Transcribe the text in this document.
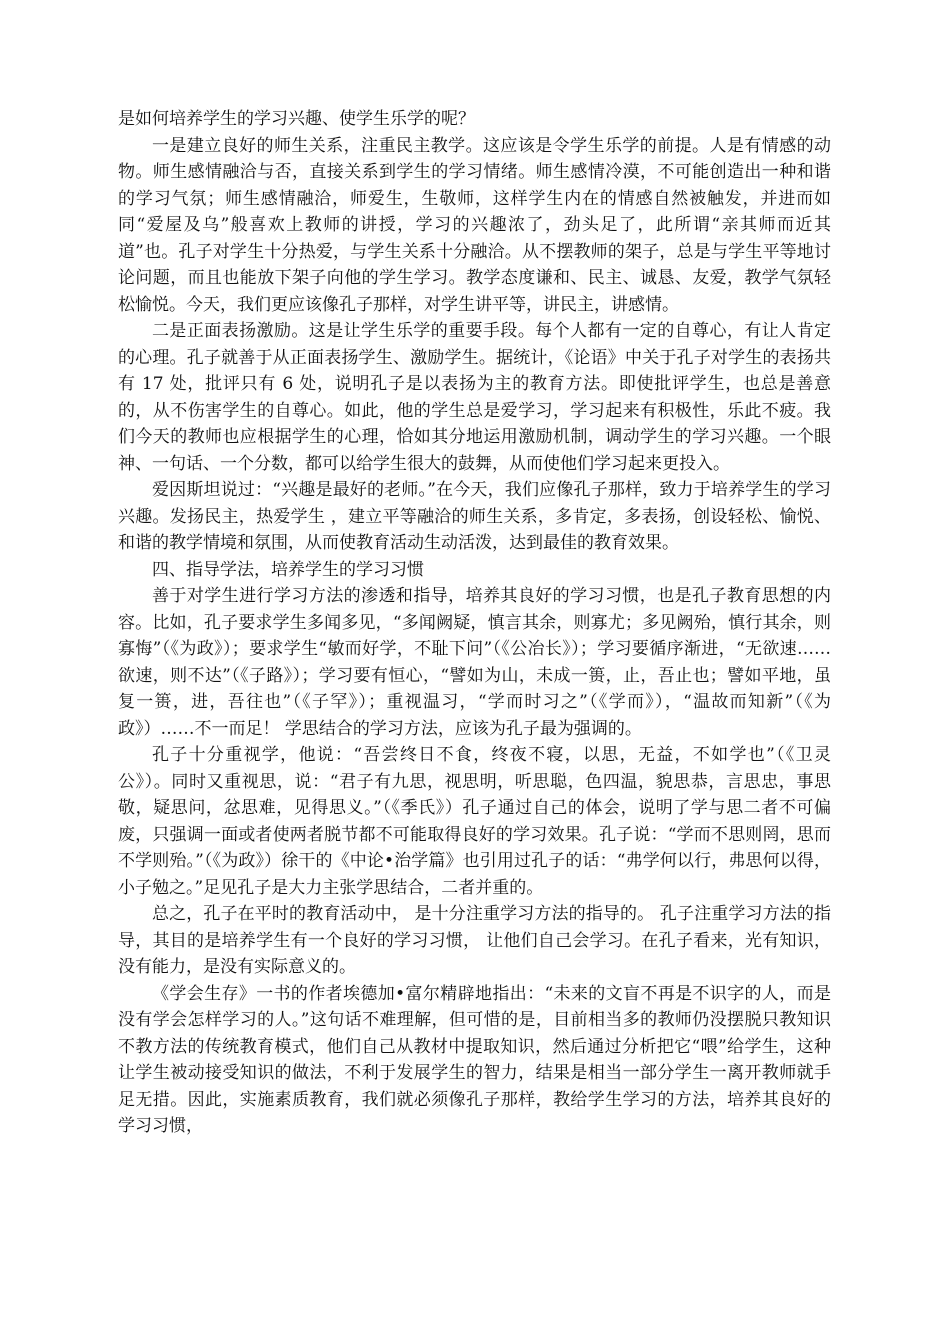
是如何培养学生的学习兴趣、使学生乐学的呢？

一是建立良好的师生关系，注重民主教学。这应该是令学生乐学的前提。人是有情感的动物。师生感情融洽与否，直接关系到学生的学习情绪。师生感情冷漠，不可能创造出一种和谐的学习气氛；师生感情融洽，师爱生，生敬师，这样学生内在的情感自然被触发，并进而如同“爱屋及乌”般喜欢上教师的讲授，学习的兴趣浓了，劲头足了，此所谓“亲其师而近其道”也。孔子对学生十分热爱，与学生关系十分融洽。从不摆教师的架子，总是与学生平等地讨论问题，而且也能放下架子向他的学生学习。教学态度谦和、民主、诚恳、友爱，教学气氛轻松愉悦。今天，我们更应该像孔子那样，对学生讲平等，讲民主，讲感情。

二是正面表扬激励。这是让学生乐学的重要手段。每个人都有一定的自尊心，有让人肯定的心理。孔子就善于从正面表扬学生、激励学生。据统计，《论语》中关于孔子对学生的表扬共有 17 处，批评只有 6 处，说明孔子是以表扬为主的教育方法。即使批评学生，也总是善意的，从不伤害学生的自尊心。如此，他的学生总是爱学习，学习起来有积极性，乐此不疲。我们今天的教师也应根据学生的心理，恰如其分地运用激励机制，调动学生的学习兴趣。一个眼神、一句话、一个分数，都可以给学生很大的鼓舞，从而使他们学习起来更投入。

爱因斯坦说过：“兴趣是最好的老师。”在今天，我们应像孔子那样，致力于培养学生的学习兴趣。发扬民主，热爱学生 ，建立平等融洽的师生关系，多肯定，多表扬，创设轻松、愉悦、和谐的教学情境和氛围，从而使教育活动生动活泼，达到最佳的教育效果。

四、指导学法，培养学生的学习习惯

善于对学生进行学习方法的渗透和指导，培养其良好的学习习惯，也是孔子教育思想的内容。比如，孔子要求学生多闻多见，“多闻阙疑，慎言其余，则寡尤；多见阙殆，慎行其余，则寡悔”（《为政》）；要求学生“敏而好学，不耻下问”（《公冶长》）；学习要循序渐进，“无欲速……欲速，则不达”（《子路》）；学习要有恒心，“譬如为山，未成一篑，止，吾止也；譬如平地，虽复一篑，进，吾往也”（《子罕》）；重视温习，“学而时习之”（《学而》），“温故而知新”（《为政》）……不一而足！ 学思结合的学习方法，应该为孔子最为强调的。

孔子十分重视学，他说：“吾尝终日不食，终夜不寝，以思，无益，不如学也”（《卫灵公》）。同时又重视思，说：“君子有九思，视思明，听思聪，色四温，貌思恭，言思忠，事思敬，疑思问，忿思难，见得思义。”（《季氏》）孔子通过自己的体会，说明了学与思二者不可偏废，只强调一面或者使两者脱节都不可能取得良好的学习效果。孔子说：“学而不思则罔，思而不学则殆。”（《为政》）徐干的《中论•治学篇》也引用过孔子的话：“弗学何以行，弗思何以得，小子勉之。”足见孔子是大力主张学思结合，二者并重的。

总之，孔子在平时的教育活动中， 是十分注重学习方法的指导的。 孔子注重学习方法的指导，其目的是培养学生有一个良好的学习习惯， 让他们自己会学习。在孔子看来，光有知识，没有能力，是没有实际意义的。

《学会生存》一书的作者埃德加•富尔精辟地指出：“未来的文盲不再是不识字的人，而是没有学会怎样学习的人。”这句话不难理解，但可惜的是，目前相当多的教师仍没摆脱只教知识不教方法的传统教育模式，他们自己从教材中提取知识，然后通过分析把它“喂”给学生，这种让学生被动接受知识的做法，不利于发展学生的智力，结果是相当一部分学生一离开教师就手足无措。因此，实施素质教育，我们就必须像孔子那样，教给学生学习的方法，培养其良好的学习习惯，
